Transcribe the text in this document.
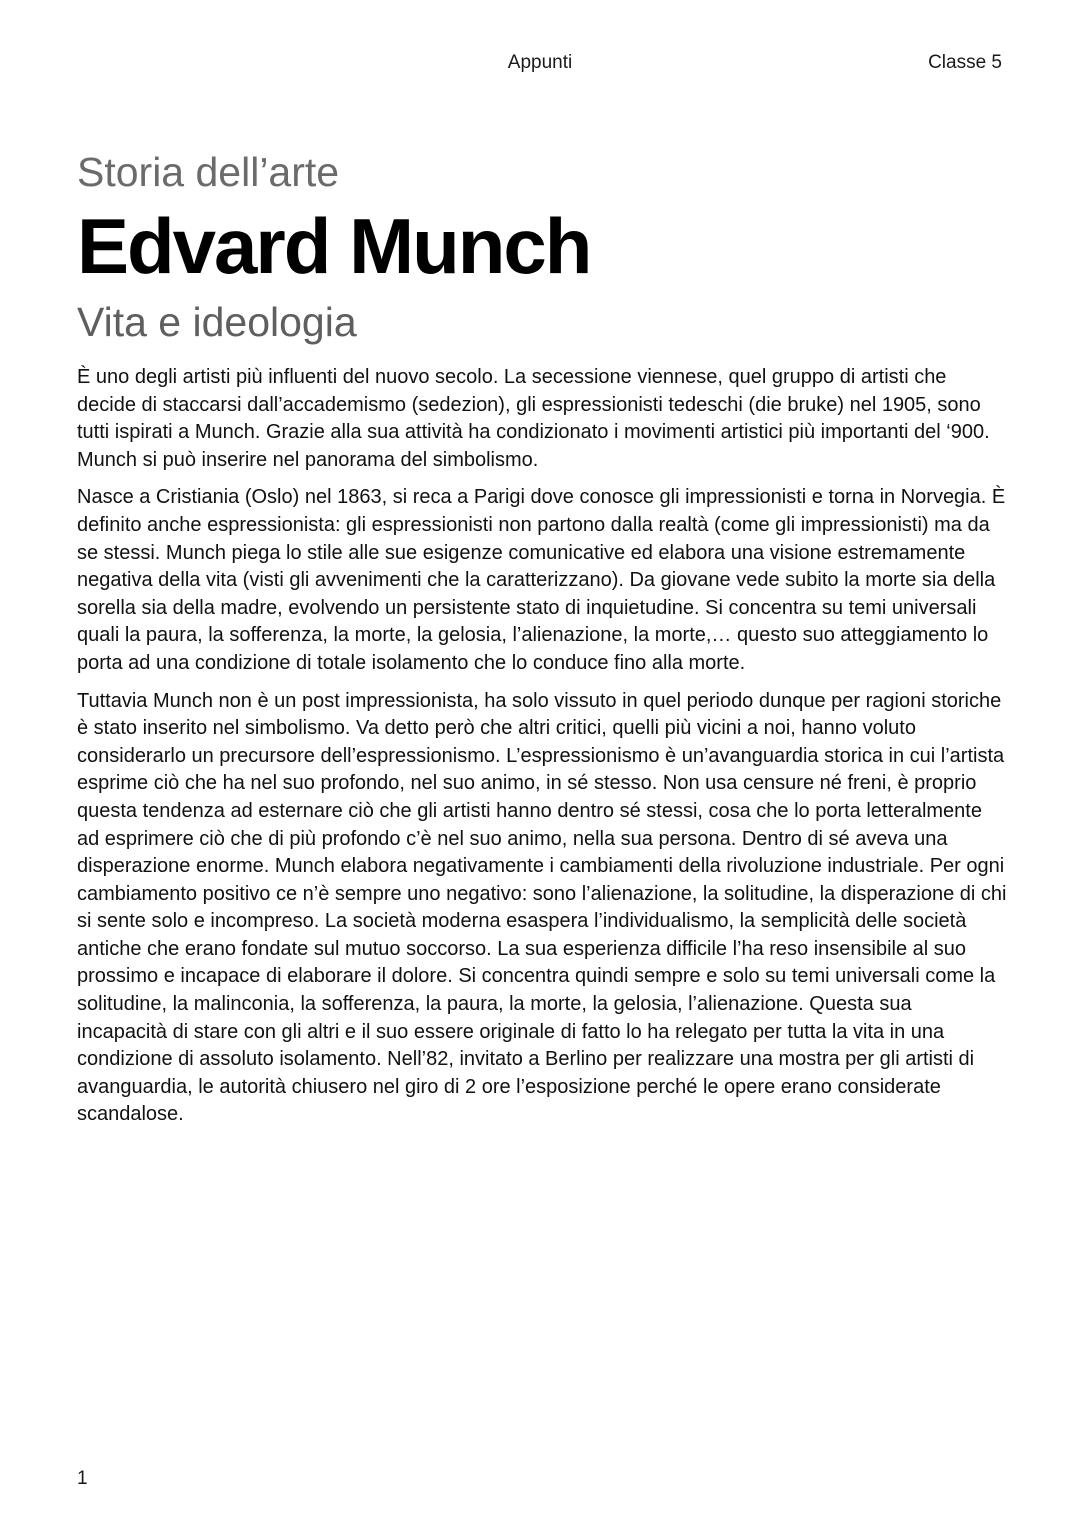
Appunti	Classe 5
Storia dell’arte
Edvard Munch
Vita e ideologia

È uno degli artisti più influenti del nuovo secolo. La secessione viennese, quel gruppo di artisti che decide di staccarsi dall’accademismo (sedezion), gli espressionisti tedeschi (die bruke) nel 1905, sono tutti ispirati a Munch. Grazie alla sua attività ha condizionato i movimenti artistici più importanti del ‘900. Munch si può inserire nel panorama del simbolismo.

Nasce a Cristiania (Oslo) nel 1863, si reca a Parigi dove conosce gli impressionisti e torna in Norvegia. È definito anche espressionista: gli espressionisti non partono dalla realtà (come gli impressionisti) ma da se stessi. Munch piega lo stile alle sue esigenze comunicative ed elabora una visione estremamente negativa della vita (visti gli avvenimenti che la caratterizzano). Da giovane vede subito la morte sia della sorella sia della madre, evolvendo un persistente stato di inquietudine. Si concentra su temi universali quali la paura, la sofferenza, la morte, la gelosia, l’alienazione, la morte,… questo suo atteggiamento lo porta ad una condizione di totale isolamento che lo conduce fino alla morte.

Tuttavia Munch non è un post impressionista, ha solo vissuto in quel periodo dunque per ragioni storiche è stato inserito nel simbolismo. Va detto però che altri critici, quelli più vicini a noi, hanno voluto considerarlo un precursore dell’espressionismo. L’espressionismo è un’avanguardia storica in cui l’artista esprime ciò che ha nel suo profondo, nel suo animo, in sé stesso. Non usa censure né freni, è proprio questa tendenza ad esternare ciò che gli artisti hanno dentro sé stessi, cosa che lo porta letteralmente ad esprimere ciò che di più profondo c’è nel suo animo, nella sua persona. Dentro di sé aveva una disperazione enorme. Munch elabora negativamente i cambiamenti della rivoluzione industriale. Per ogni cambiamento positivo ce n’è sempre uno negativo: sono l’alienazione, la solitudine, la disperazione di chi si sente solo e incompreso. La società moderna esaspera l’individualismo, la semplicità delle società antiche che erano fondate sul mutuo soccorso. La sua esperienza difficile l’ha reso insensibile al suo prossimo e incapace di elaborare il dolore. Si concentra quindi sempre e solo su temi universali come la solitudine, la malinconia, la sofferenza, la paura, la morte, la gelosia, l’alienazione. Questa sua incapacità di stare con gli altri e il suo essere originale di fatto lo ha relegato per tutta la vita in una condizione di assoluto isolamento. Nell’82, invitato a Berlino per realizzare una mostra per gli artisti di avanguardia, le autorità chiusero nel giro di 2 ore l’esposizione perché le opere erano considerate scandalose.

1
